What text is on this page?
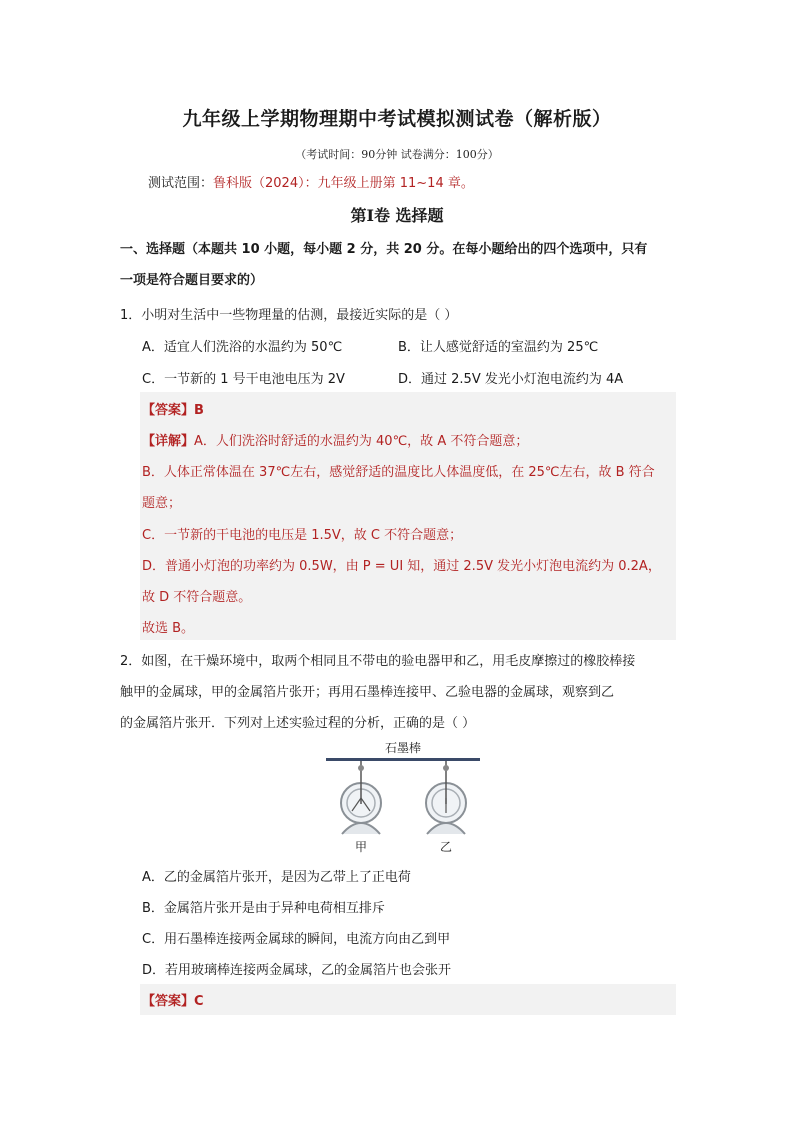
九年级上学期物理期中考试模拟测试卷（解析版）
（考试时间：90分钟 试卷满分：100分）
测试范围：鲁科版（2024）：九年级上册第 11~14 章。
第Ⅰ卷 选择题
一、选择题（本题共 10 小题，每小题 2 分，共 20 分。在每小题给出的四个选项中，只有
一项是符合题目要求的）
1．小明对生活中一些物理量的估测，最接近实际的是（ ）
A．适宜人们洗浴的水温约为 50℃	B．让人感觉舒适的室温约为 25℃
C．一节新的 1 号干电池电压为 2V	D．通过 2.5V 发光小灯泡电流约为 4A
【答案】B
【详解】A．人们洗浴时舒适的水温约为 40℃，故 A 不符合题意；
B．人体正常体温在 37℃左右，感觉舒适的温度比人体温度低，在 25℃左右，故 B 符合
题意；
C．一节新的干电池的电压是 1.5V，故 C 不符合题意；
D．普通小灯泡的功率约为 0.5W，由 P = UI 知，通过 2.5V 发光小灯泡电流约为 0.2A，
故 D 不符合题意。
故选 B。
2．如图，在干燥环境中，取两个相同且不带电的验电器甲和乙，用毛皮摩擦过的橡胶棒接
触甲的金属球，甲的金属箔片张开；再用石墨棒连接甲、乙验电器的金属球，观察到乙
的金属箔片张开．下列对上述实验过程的分析，正确的是（ ）
石墨棒
甲	乙
A．乙的金属箔片张开，是因为乙带上了正电荷
B．金属箔片张开是由于异种电荷相互排斥
C．用石墨棒连接两金属球的瞬间，电流方向由乙到甲
D．若用玻璃棒连接两金属球，乙的金属箔片也会张开
【答案】C
